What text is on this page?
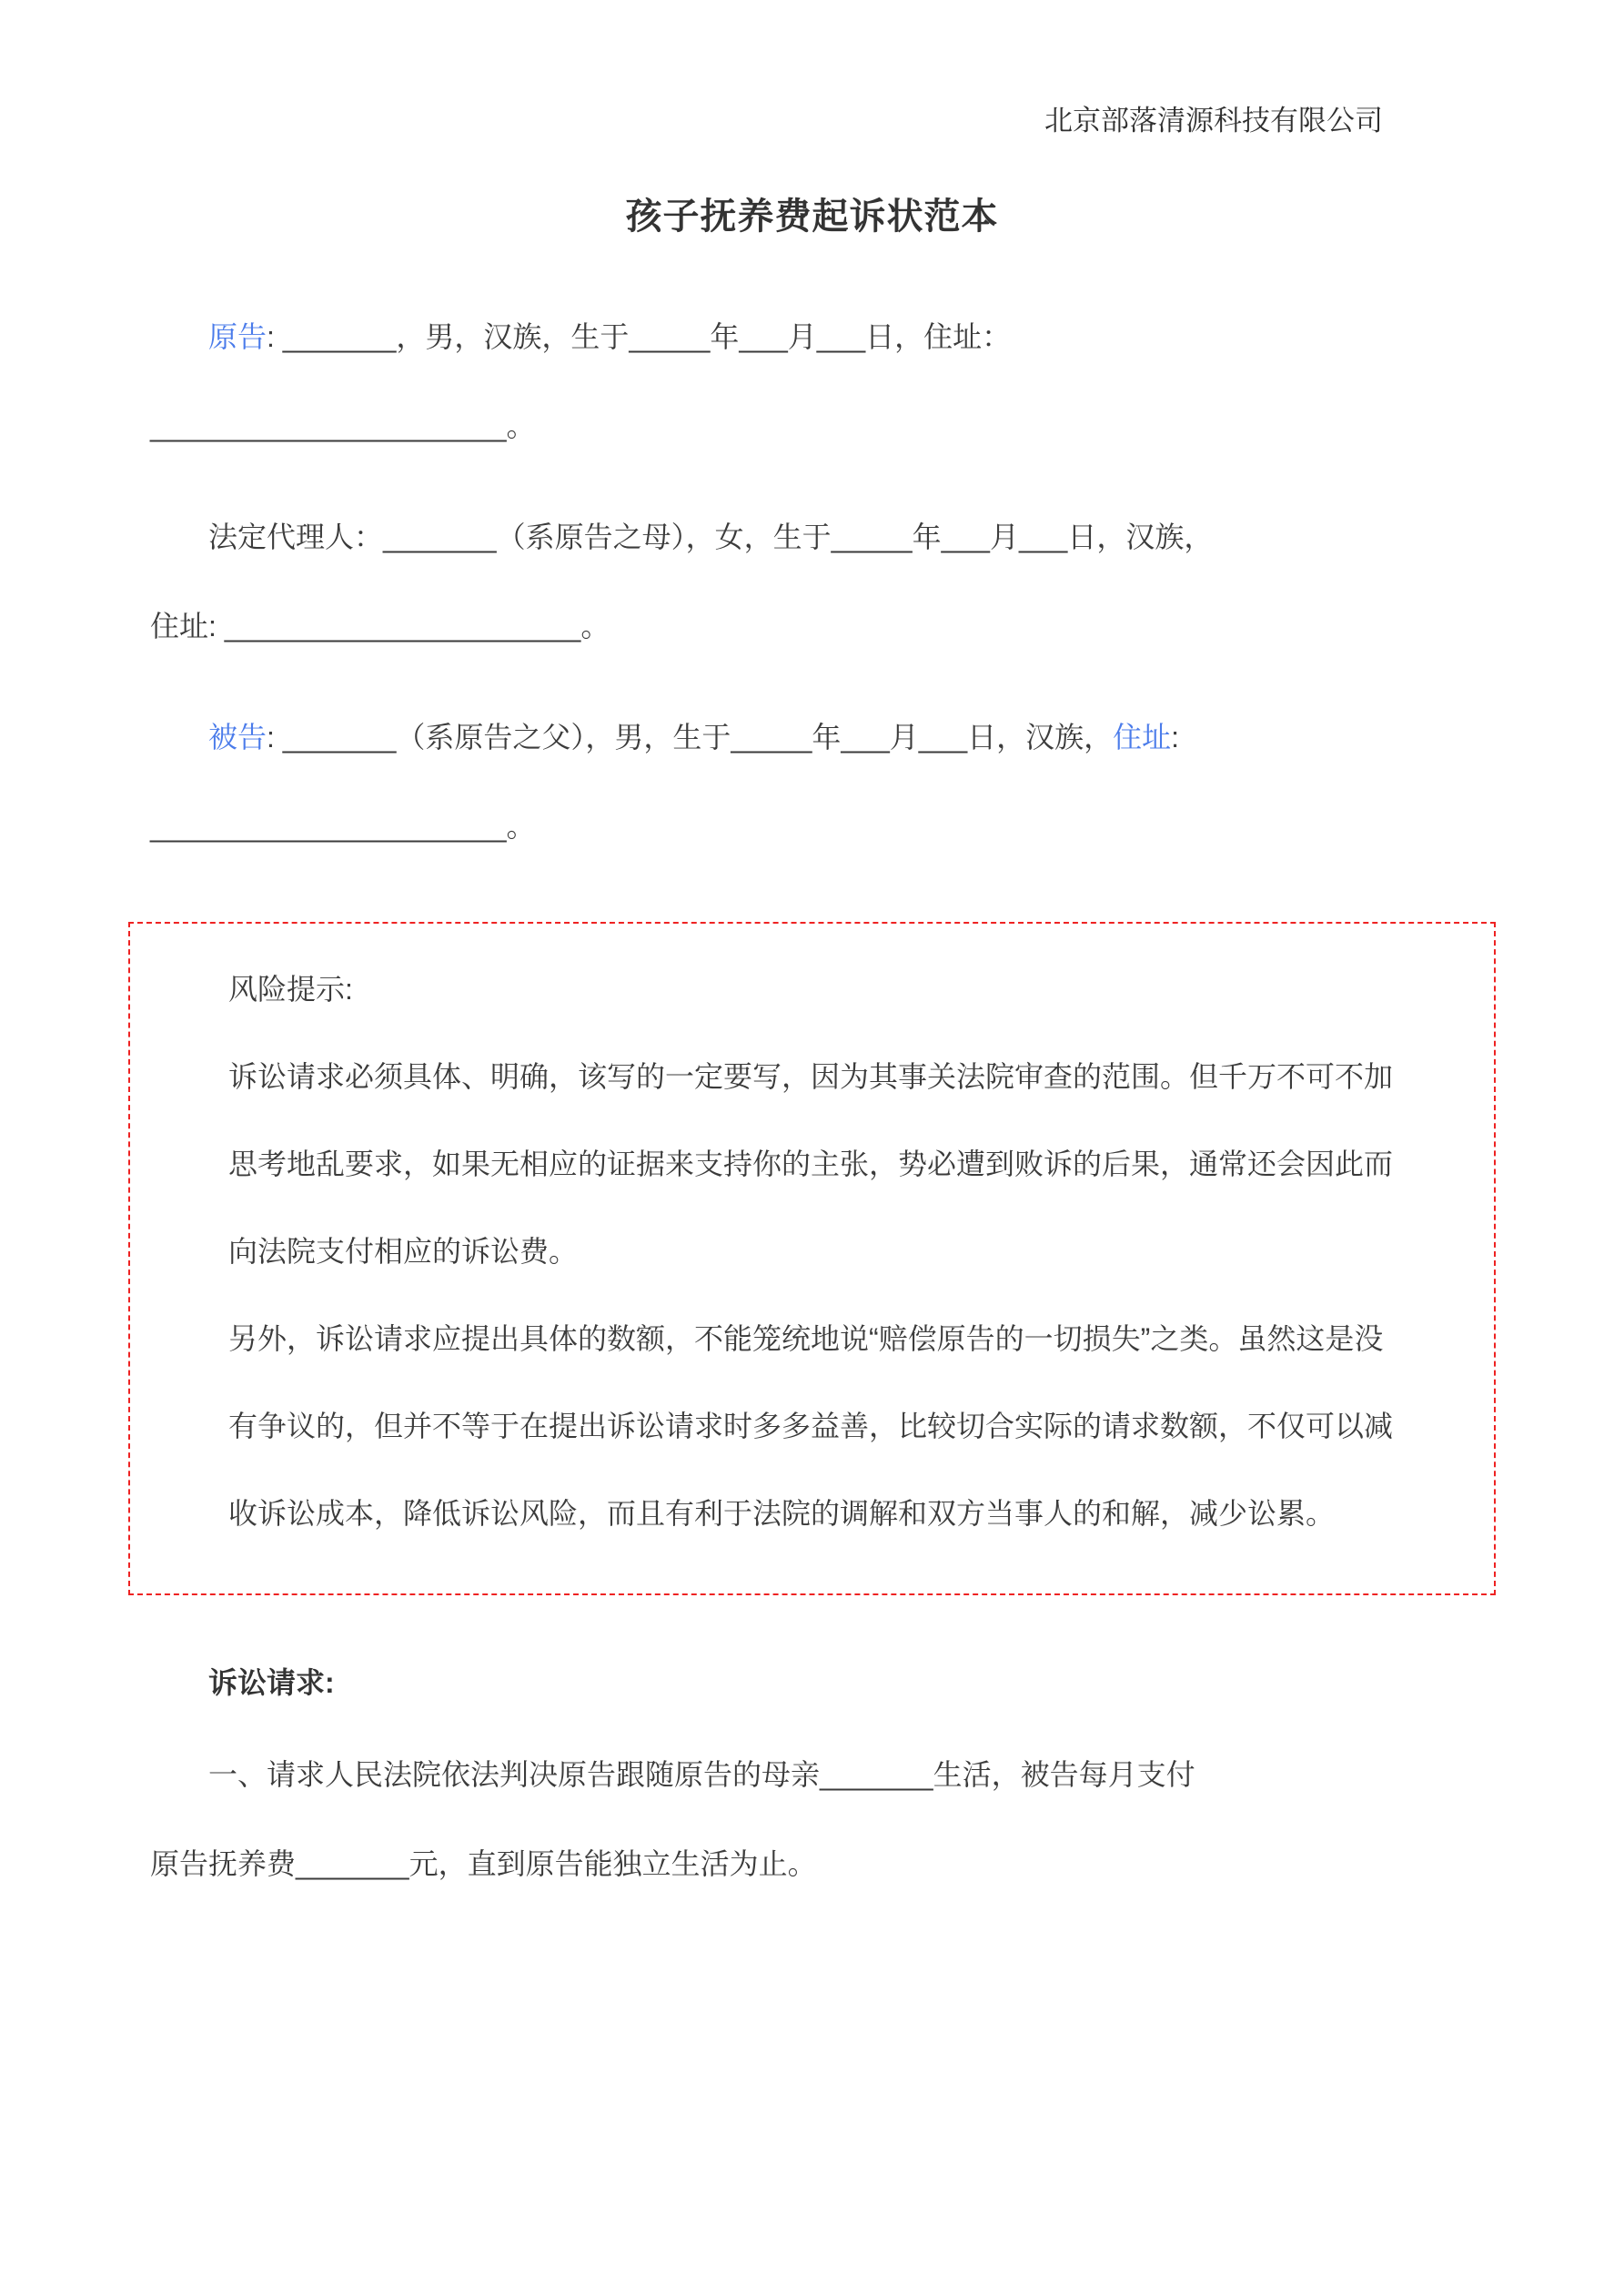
北京部落清源科技有限公司
孩子抚养费起诉状范本

原告: _______，男，汉族，生于_____年___月___日，住址：
______________________。

法定代理人：_______（系原告之母），女，生于_____年___月___日，汉族，
住址: ______________________。

被告: _______（系原告之父），男，生于_____年___月___日，汉族，住址:
______________________。

风险提示:

诉讼请求必须具体、明确，该写的一定要写，因为其事关法院审查的范围。但千万不可不加思考地乱要求，如果无相应的证据来支持你的主张，势必遭到败诉的后果，通常还会因此而向法院支付相应的诉讼费。

另外，诉讼请求应提出具体的数额，不能笼统地说“赔偿原告的一切损失”之类。虽然这是没有争议的，但并不等于在提出诉讼请求时多多益善，比较切合实际的请求数额，不仅可以减收诉讼成本，降低诉讼风险，而且有利于法院的调解和双方当事人的和解，减少讼累。

诉讼请求:

一、请求人民法院依法判决原告跟随原告的母亲_______生活，被告每月支付
原告抚养费_______元，直到原告能独立生活为止。
